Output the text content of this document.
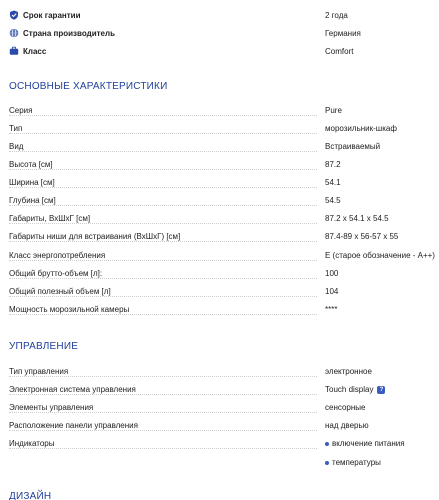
Срок гарантии	2 года
Страна производитель	Германия
Класс	Comfort
ОСНОВНЫЕ ХАРАКТЕРИСТИКИ
Серия	Pure
Тип	морозильник-шкаф
Вид	Встраиваемый
Высота [см]	87.2
Ширина [см]	54.1
Глубина [см]	54.5
Габариты, ВхШхГ [см]	87.2 x 54.1 x 54.5
Габариты ниши для встраивания (ВхШхГ) [см]	87.4-89 x 56-57 x 55
Класс энергопотребления	E (старое обозначение - A++)
Общий брутто-объем [л]:	100
Общий полезный объем [л]	104
Мощность морозильной камеры	****
УПРАВЛЕНИЕ
Тип управления	электронное
Электронная система управления	Touch display ?
Элементы управления	сенсорные
Расположение панели управления	над дверью
Индикаторы	включение питания
температуры
ДИЗАЙН
